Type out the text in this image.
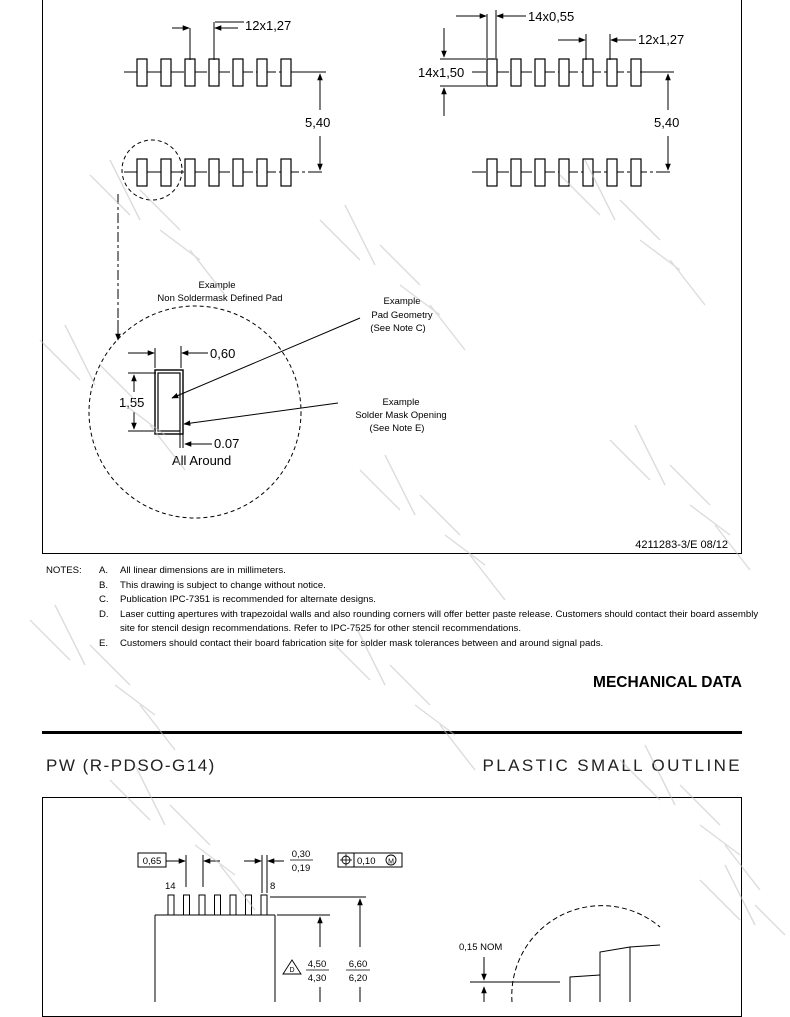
12x1,27
5,40
14x0,55
14x1,50
12x1,27
5,40
Example
Non Soldermask Defined Pad
0,60
1,55
0.07
All Around
Example
Pad Geometry
(See Note C)
Example
Solder Mask Opening
(See Note E)
4211283-3/E 08/12
NOTES: A. All linear dimensions are in millimeters.
B. This drawing is subject to change without notice.
C. Publication IPC-7351 is recommended for alternate designs.
D. Laser cutting apertures with trapezoidal walls and also rounding corners will offer better paste release. Customers should contact their board assembly site for stencil design recommendations. Refer to IPC-7525 for other stencil recommendations.
E. Customers should contact their board fabrication site for solder mask tolerances between and around signal pads.
MECHANICAL DATA
PW (R-PDSO-G14)	PLASTIC SMALL OUTLINE
0,65
0,30
0,19
0,10 M
14	8
D
4,50
4,30
6,60
6,20
0,15 NOM
